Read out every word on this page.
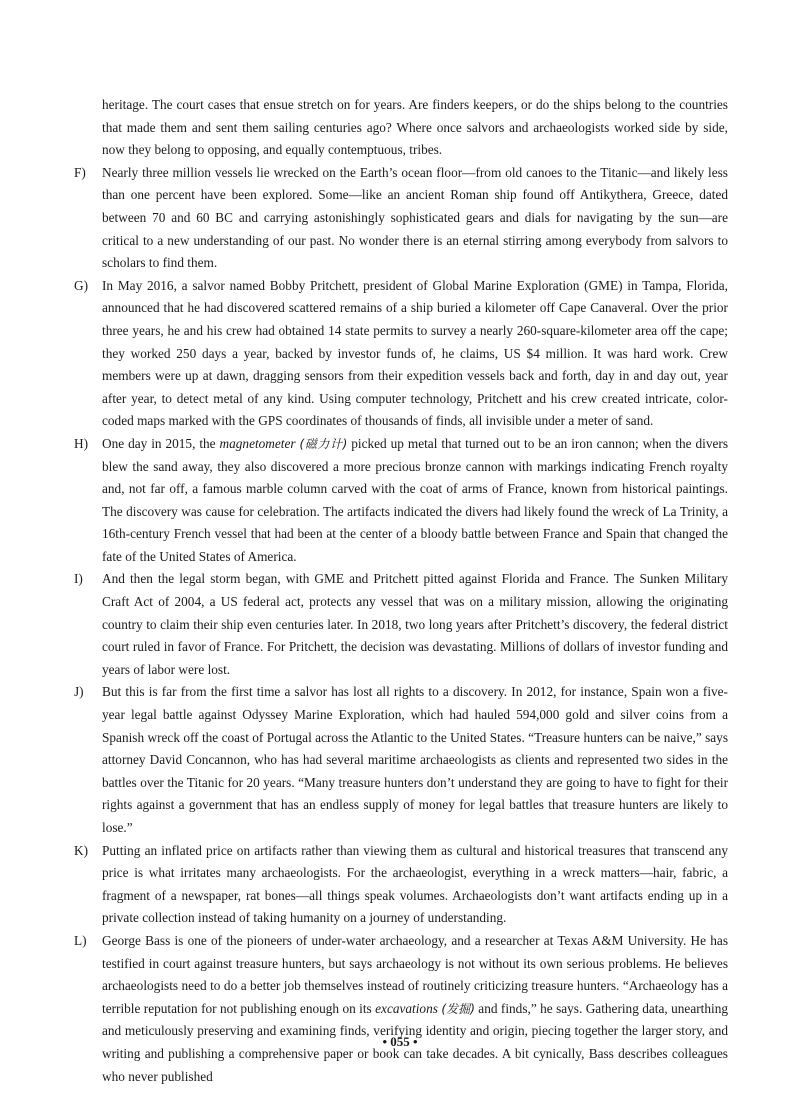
heritage. The court cases that ensue stretch on for years. Are finders keepers, or do the ships belong to the countries that made them and sent them sailing centuries ago? Where once salvors and archaeologists worked side by side, now they belong to opposing, and equally contemptuous, tribes.

F) Nearly three million vessels lie wrecked on the Earth’s ocean floor—from old canoes to the Titanic—and likely less than one percent have been explored. Some—like an ancient Roman ship found off Antikythera, Greece, dated between 70 and 60 BC and carrying astonishingly sophisticated gears and dials for navigating by the sun—are critical to a new understanding of our past. No wonder there is an eternal stirring among everybody from salvors to scholars to find them.

G) In May 2016, a salvor named Bobby Pritchett, president of Global Marine Exploration (GME) in Tampa, Florida, announced that he had discovered scattered remains of a ship buried a kilometer off Cape Canaveral. Over the prior three years, he and his crew had obtained 14 state permits to survey a nearly 260-square-kilometer area off the cape; they worked 250 days a year, backed by investor funds of, he claims, US $4 million. It was hard work. Crew members were up at dawn, dragging sensors from their expedition vessels back and forth, day in and day out, year after year, to detect metal of any kind. Using computer technology, Pritchett and his crew created intricate, color-coded maps marked with the GPS coordinates of thousands of finds, all invisible under a meter of sand.

H) One day in 2015, the magnetometer (磁力计) picked up metal that turned out to be an iron cannon; when the divers blew the sand away, they also discovered a more precious bronze cannon with markings indicating French royalty and, not far off, a famous marble column carved with the coat of arms of France, known from historical paintings. The discovery was cause for celebration. The artifacts indicated the divers had likely found the wreck of La Trinity, a 16th-century French vessel that had been at the center of a bloody battle between France and Spain that changed the fate of the United States of America.

I) And then the legal storm began, with GME and Pritchett pitted against Florida and France. The Sunken Military Craft Act of 2004, a US federal act, protects any vessel that was on a military mission, allowing the originating country to claim their ship even centuries later. In 2018, two long years after Pritchett’s discovery, the federal district court ruled in favor of France. For Pritchett, the decision was devastating. Millions of dollars of investor funding and years of labor were lost.

J) But this is far from the first time a salvor has lost all rights to a discovery. In 2012, for instance, Spain won a five-year legal battle against Odyssey Marine Exploration, which had hauled 594,000 gold and silver coins from a Spanish wreck off the coast of Portugal across the Atlantic to the United States. “Treasure hunters can be naive,” says attorney David Concannon, who has had several maritime archaeologists as clients and represented two sides in the battles over the Titanic for 20 years. “Many treasure hunters don’t understand they are going to have to fight for their rights against a government that has an endless supply of money for legal battles that treasure hunters are likely to lose.”

K) Putting an inflated price on artifacts rather than viewing them as cultural and historical treasures that transcend any price is what irritates many archaeologists. For the archaeologist, everything in a wreck matters—hair, fabric, a fragment of a newspaper, rat bones—all things speak volumes. Archaeologists don’t want artifacts ending up in a private collection instead of taking humanity on a journey of understanding.

L) George Bass is one of the pioneers of under-water archaeology, and a researcher at Texas A&M University. He has testified in court against treasure hunters, but says archaeology is not without its own serious problems. He believes archaeologists need to do a better job themselves instead of routinely criticizing treasure hunters. “Archaeology has a terrible reputation for not publishing enough on its excavations (发掘) and finds,” he says. Gathering data, unearthing and meticulously preserving and examining finds, verifying identity and origin, piecing together the larger story, and writing and publishing a comprehensive paper or book can take decades. A bit cynically, Bass describes colleagues who never published

• 055 •
